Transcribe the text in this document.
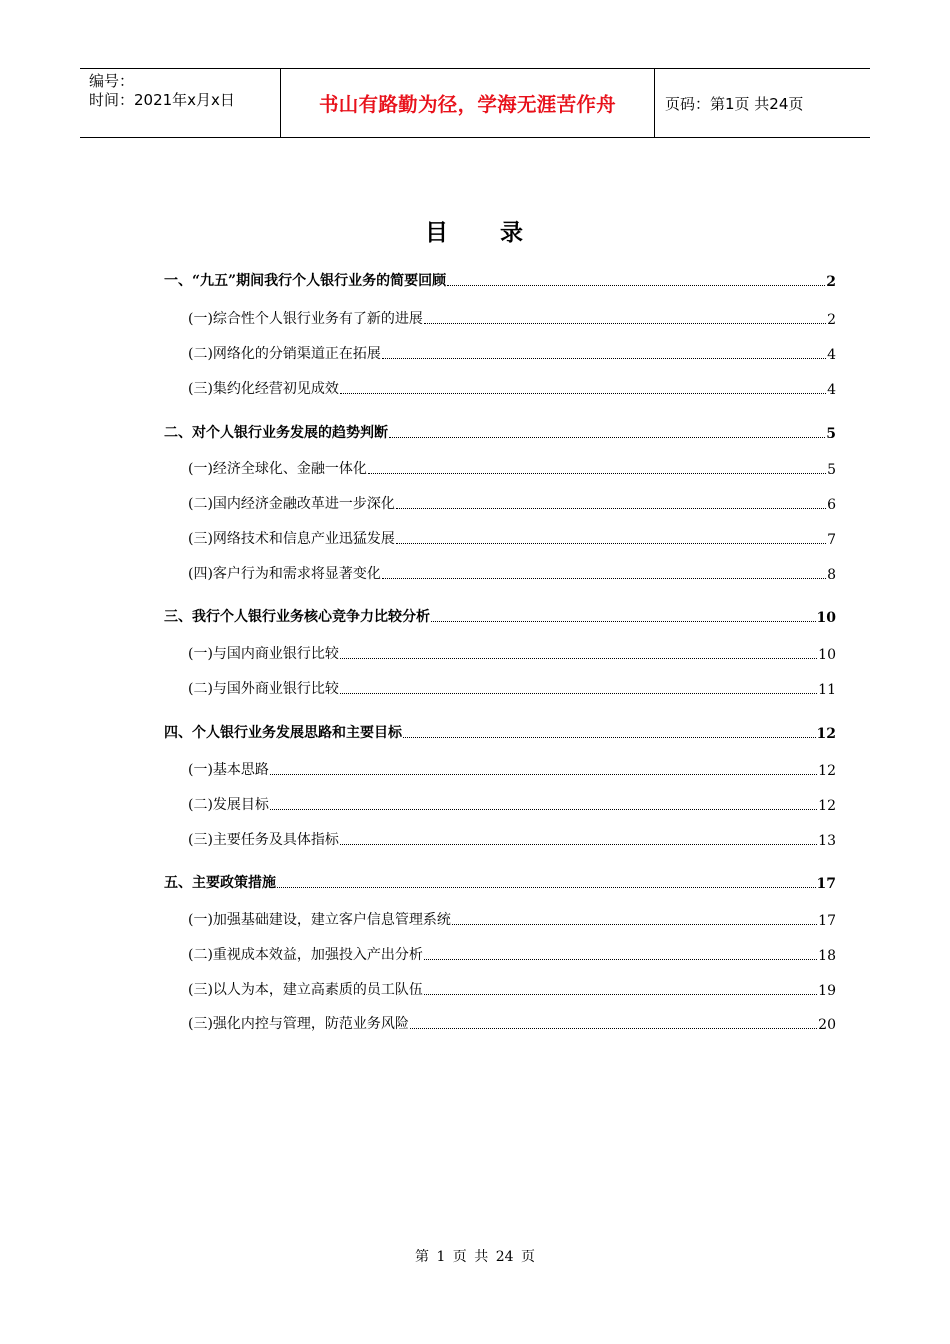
编号：
时间：2021年x月x日	书山有路勤为径，学海无涯苦作舟	页码：第1页 共24页
目　　录
一、“九五”期间我行个人银行业务的简要回顾	2
(一)综合性个人银行业务有了新的进展	2
(二)网络化的分销渠道正在拓展	4
(三)集约化经营初见成效	4
二、对个人银行业务发展的趋势判断	5
(一)经济全球化、金融一体化	5
(二)国内经济金融改革进一步深化	6
(三)网络技术和信息产业迅猛发展	7
(四)客户行为和需求将显著变化	8
三、我行个人银行业务核心竞争力比较分析	10
(一)与国内商业银行比较	10
(二)与国外商业银行比较	11
四、个人银行业务发展思路和主要目标	12
(一)基本思路	12
(二)发展目标	12
(三)主要任务及具体指标	13
五、主要政策措施	17
(一)加强基础建设，建立客户信息管理系统	17
(二)重视成本效益，加强投入产出分析	18
(三)以人为本，建立高素质的员工队伍	19
(三)强化内控与管理，防范业务风险	20
第 1 页 共 24 页
